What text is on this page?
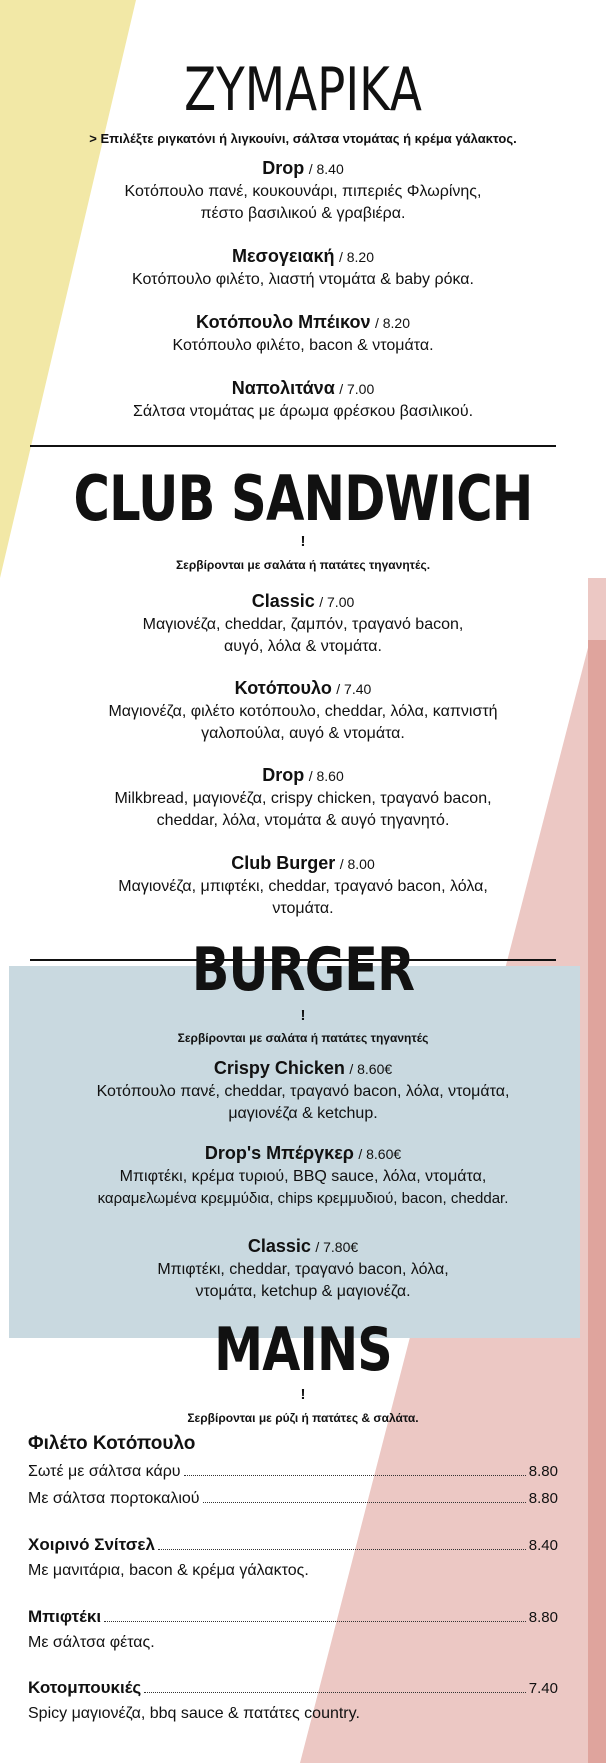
ΖΥΜΑΡΙΚΑ
> Επιλέξτε ριγκατόνι ή λιγκουίνι, σάλτσα ντομάτας ή κρέμα γάλακτος.
Drop / 8.40
Κοτόπουλο πανέ, κουκουνάρι, πιπεριές Φλωρίνης,
πέστο βασιλικού & γραβιέρα.
Μεσογειακή / 8.20
Κοτόπουλο φιλέτο, λιαστή ντομάτα & baby ρόκα.
Κοτόπουλο Μπέικον / 8.20
Κοτόπουλο φιλέτο, bacon & ντομάτα.
Ναπολιτάνα / 7.00
Σάλτσα ντομάτας με άρωμα φρέσκου βασιλικού.
CLUB SANDWICH
!
Σερβίρονται με σαλάτα ή πατάτες τηγανητές.
Classic / 7.00
Μαγιονέζα, cheddar, ζαμπόν, τραγανό bacon,
αυγό, λόλα & ντομάτα.
Κοτόπουλο / 7.40
Μαγιονέζα, φιλέτο κοτόπουλο, cheddar, λόλα, καπνιστή
γαλοπούλα, αυγό & ντομάτα.
Drop / 8.60
Milkbread, μαγιονέζα, crispy chicken, τραγανό bacon,
cheddar, λόλα, ντομάτα & αυγό τηγανητό.
Club Burger / 8.00
Μαγιονέζα, μπιφτέκι, cheddar, τραγανό bacon, λόλα,
ντομάτα.
BURGER
!
Σερβίρονται με σαλάτα ή πατάτες τηγανητές
Crispy Chicken / 8.60€
Κοτόπουλο πανέ, cheddar, τραγανό bacon, λόλα, ντομάτα,
μαγιονέζα & ketchup.
Drop's Μπέργκερ / 8.60€
Μπιφτέκι, κρέμα τυριού, BBQ sauce, λόλα, ντομάτα,
καραμελωμένα κρεμμύδια, chips κρεμμυδιού, bacon, cheddar.
Classic / 7.80€
Μπιφτέκι, cheddar, τραγανό bacon, λόλα,
ντομάτα, ketchup & μαγιονέζα.
MAINS
!
Σερβίρονται με ρύζι ή πατάτες & σαλάτα.
Φιλέτο Κοτόπουλο
Σωτέ με σάλτσα κάρυ	8.80
Με σάλτσα πορτοκαλιού	8.80
Χοιρινό Σνίτσελ	8.40
Με μανιτάρια, bacon & κρέμα γάλακτος.
Μπιφτέκι	8.80
Με σάλτσα φέτας.
Κοτομπουκιές	7.40
Spicy μαγιονέζα, bbq sauce & πατάτες country.
